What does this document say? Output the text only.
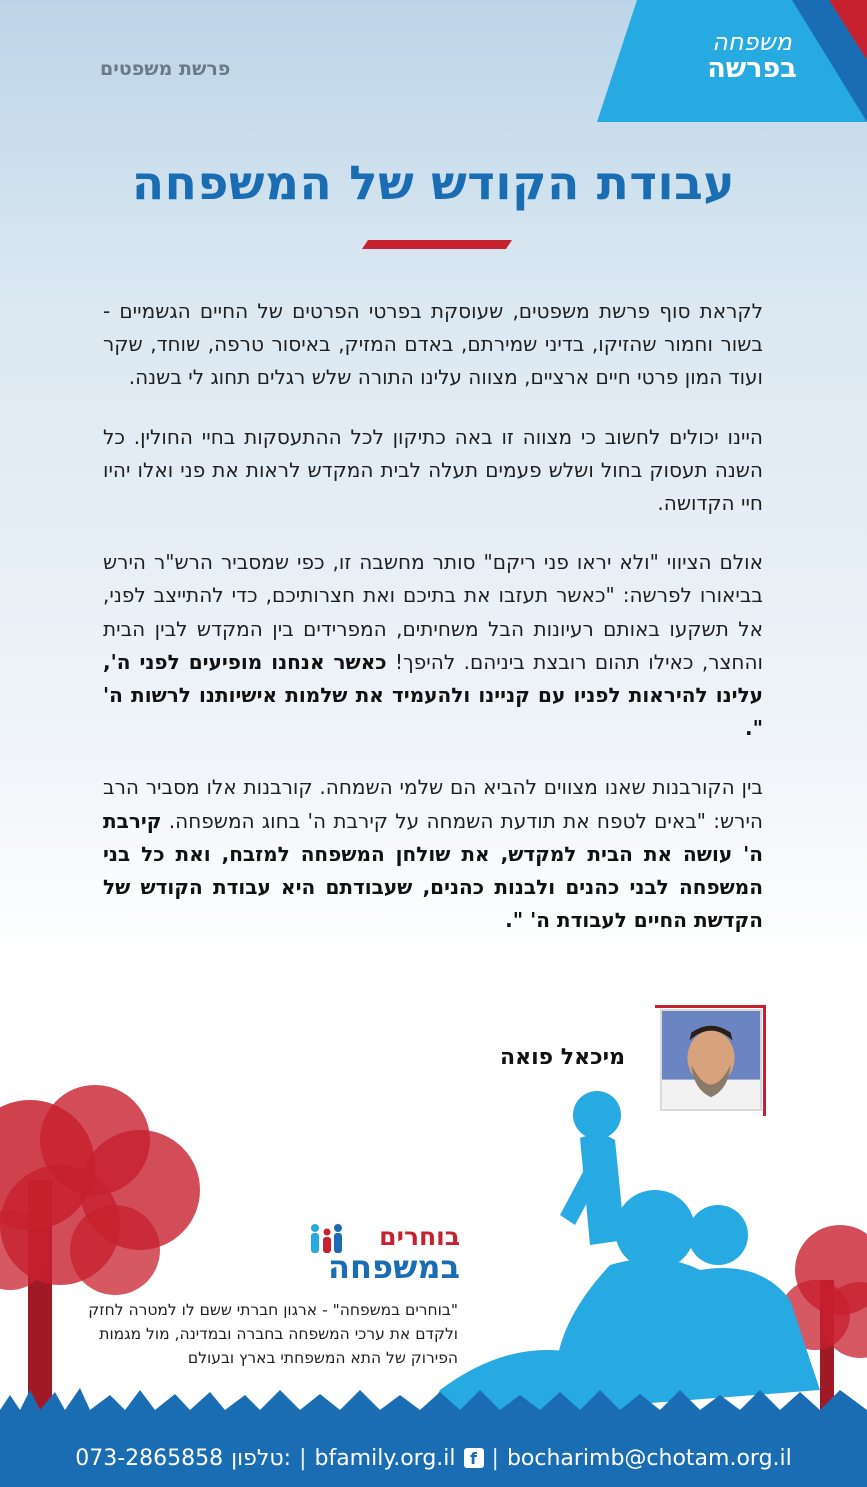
משפחה
בפרשה
פרשת משפטים
עבודת הקודש של המשפחה

לקראת סוף פרשת משפטים, שעוסקת בפרטי הפרטים של החיים הגשמיים - בשור וחמור שהזיקו, בדיני שמירתם, באדם המזיק, באיסור טרפה, שוחד, שקר ועוד המון פרטי חיים ארציים, מצווה עלינו התורה שלש רגלים תחוג לי בשנה.

היינו יכולים לחשוב כי מצווה זו באה כתיקון לכל ההתעסקות בחיי החולין. כל השנה תעסוק בחול ושלש פעמים תעלה לבית המקדש לראות את פני ואלו יהיו חיי הקדושה.

אולם הציווי "ולא יראו פני ריקם" סותר מחשבה זו, כפי שמסביר הרש"ר הירש בביאורו לפרשה: "כאשר תעזבו את בתיכם ואת חצרותיכם, כדי להתייצב לפני, אל תשקעו באותם רעיונות הבל משחיתים, המפרידים בין המקדש לבין הבית והחצר, כאילו תהום רובצת ביניהם. להיפך! כאשר אנחנו מופיעים לפני ה', עלינו להיראות לפניו עם קניינו ולהעמיד את שלמות אישיותנו לרשות ה' ".

בין הקורבנות שאנו מצווים להביא הם שלמי השמחה. קורבנות אלו מסביר הרב הירש: "באים לטפח את תודעת השמחה על קירבת ה' בחוג המשפחה. קירבת ה' עושה את הבית למקדש, את שולחן המשפחה למזבח, ואת כל בני המשפחה לבני כהנים ולבנות כהנים, שעבודתם היא עבודת הקודש של הקדשת החיים לעבודת ה' ".

מיכאל פואה
בוחרים
במשפחה
"בוחרים במשפחה" - ארגון חברתי ששם לו למטרה לחזק ולקדם את ערכי המשפחה בחברה ובמדינה, מול מגמות הפירוק של התא המשפחתי בארץ ובעולם
073-2865858 טלפון: | bfamily.org.il f | bocharimb@chotam.org.il
